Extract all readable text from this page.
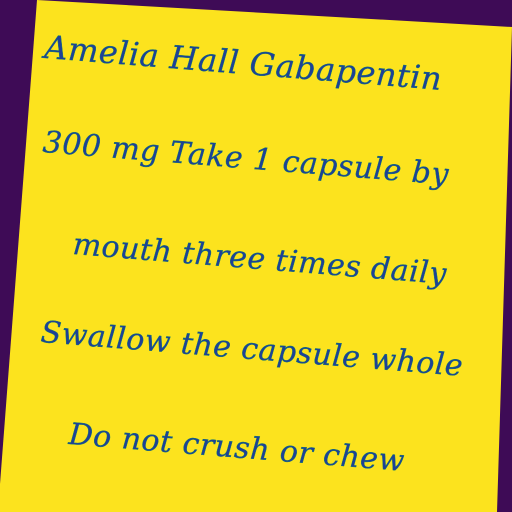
Amelia Hall Gabapentin

300 mg Take 1 capsule by

mouth three times daily

Swallow the capsule whole

Do not crush or chew
